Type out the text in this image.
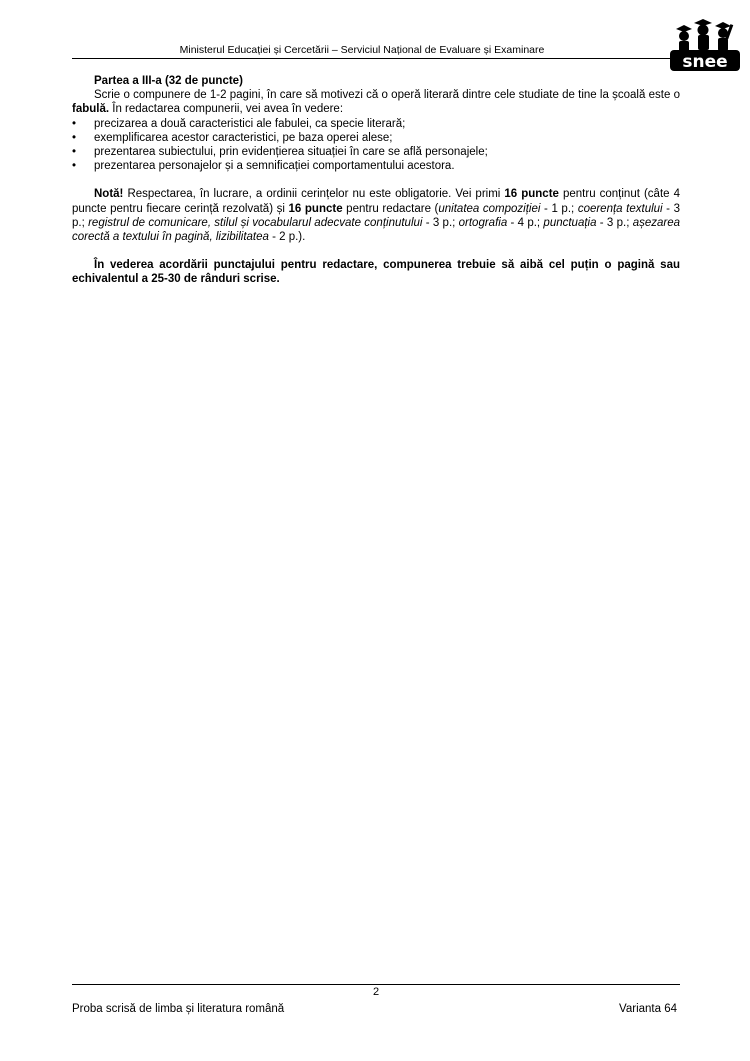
Ministerul Educației și Cercetării – Serviciul Național de Evaluare și Examinare
snee

Partea a III-a (32 de puncte)

Scrie o compunere de 1-2 pagini, în care să motivezi că o operă literară dintre cele studiate de tine la școală este o fabulă. În redactarea compunerii, vei avea în vedere:

• precizarea a două caracteristici ale fabulei, ca specie literară;
• exemplificarea acestor caracteristici, pe baza operei alese;
• prezentarea subiectului, prin evidențierea situației în care se află personajele;
• prezentarea personajelor și a semnificației comportamentului acestora.

Notă! Respectarea, în lucrare, a ordinii cerințelor nu este obligatorie. Vei primi 16 puncte pentru conținut (câte 4 puncte pentru fiecare cerință rezolvată) și 16 puncte pentru redactare (unitatea compoziției - 1 p.; coerența textului - 3 p.; registrul de comunicare, stilul și vocabularul adecvate conținutului - 3 p.; ortografia - 4 p.; punctuația - 3 p.; așezarea corectă a textului în pagină, lizibilitatea - 2 p.).

În vederea acordării punctajului pentru redactare, compunerea trebuie să aibă cel puțin o pagină sau echivalentul a 25-30 de rânduri scrise.

2
Proba scrisă de limba și literatura română	Varianta 64
